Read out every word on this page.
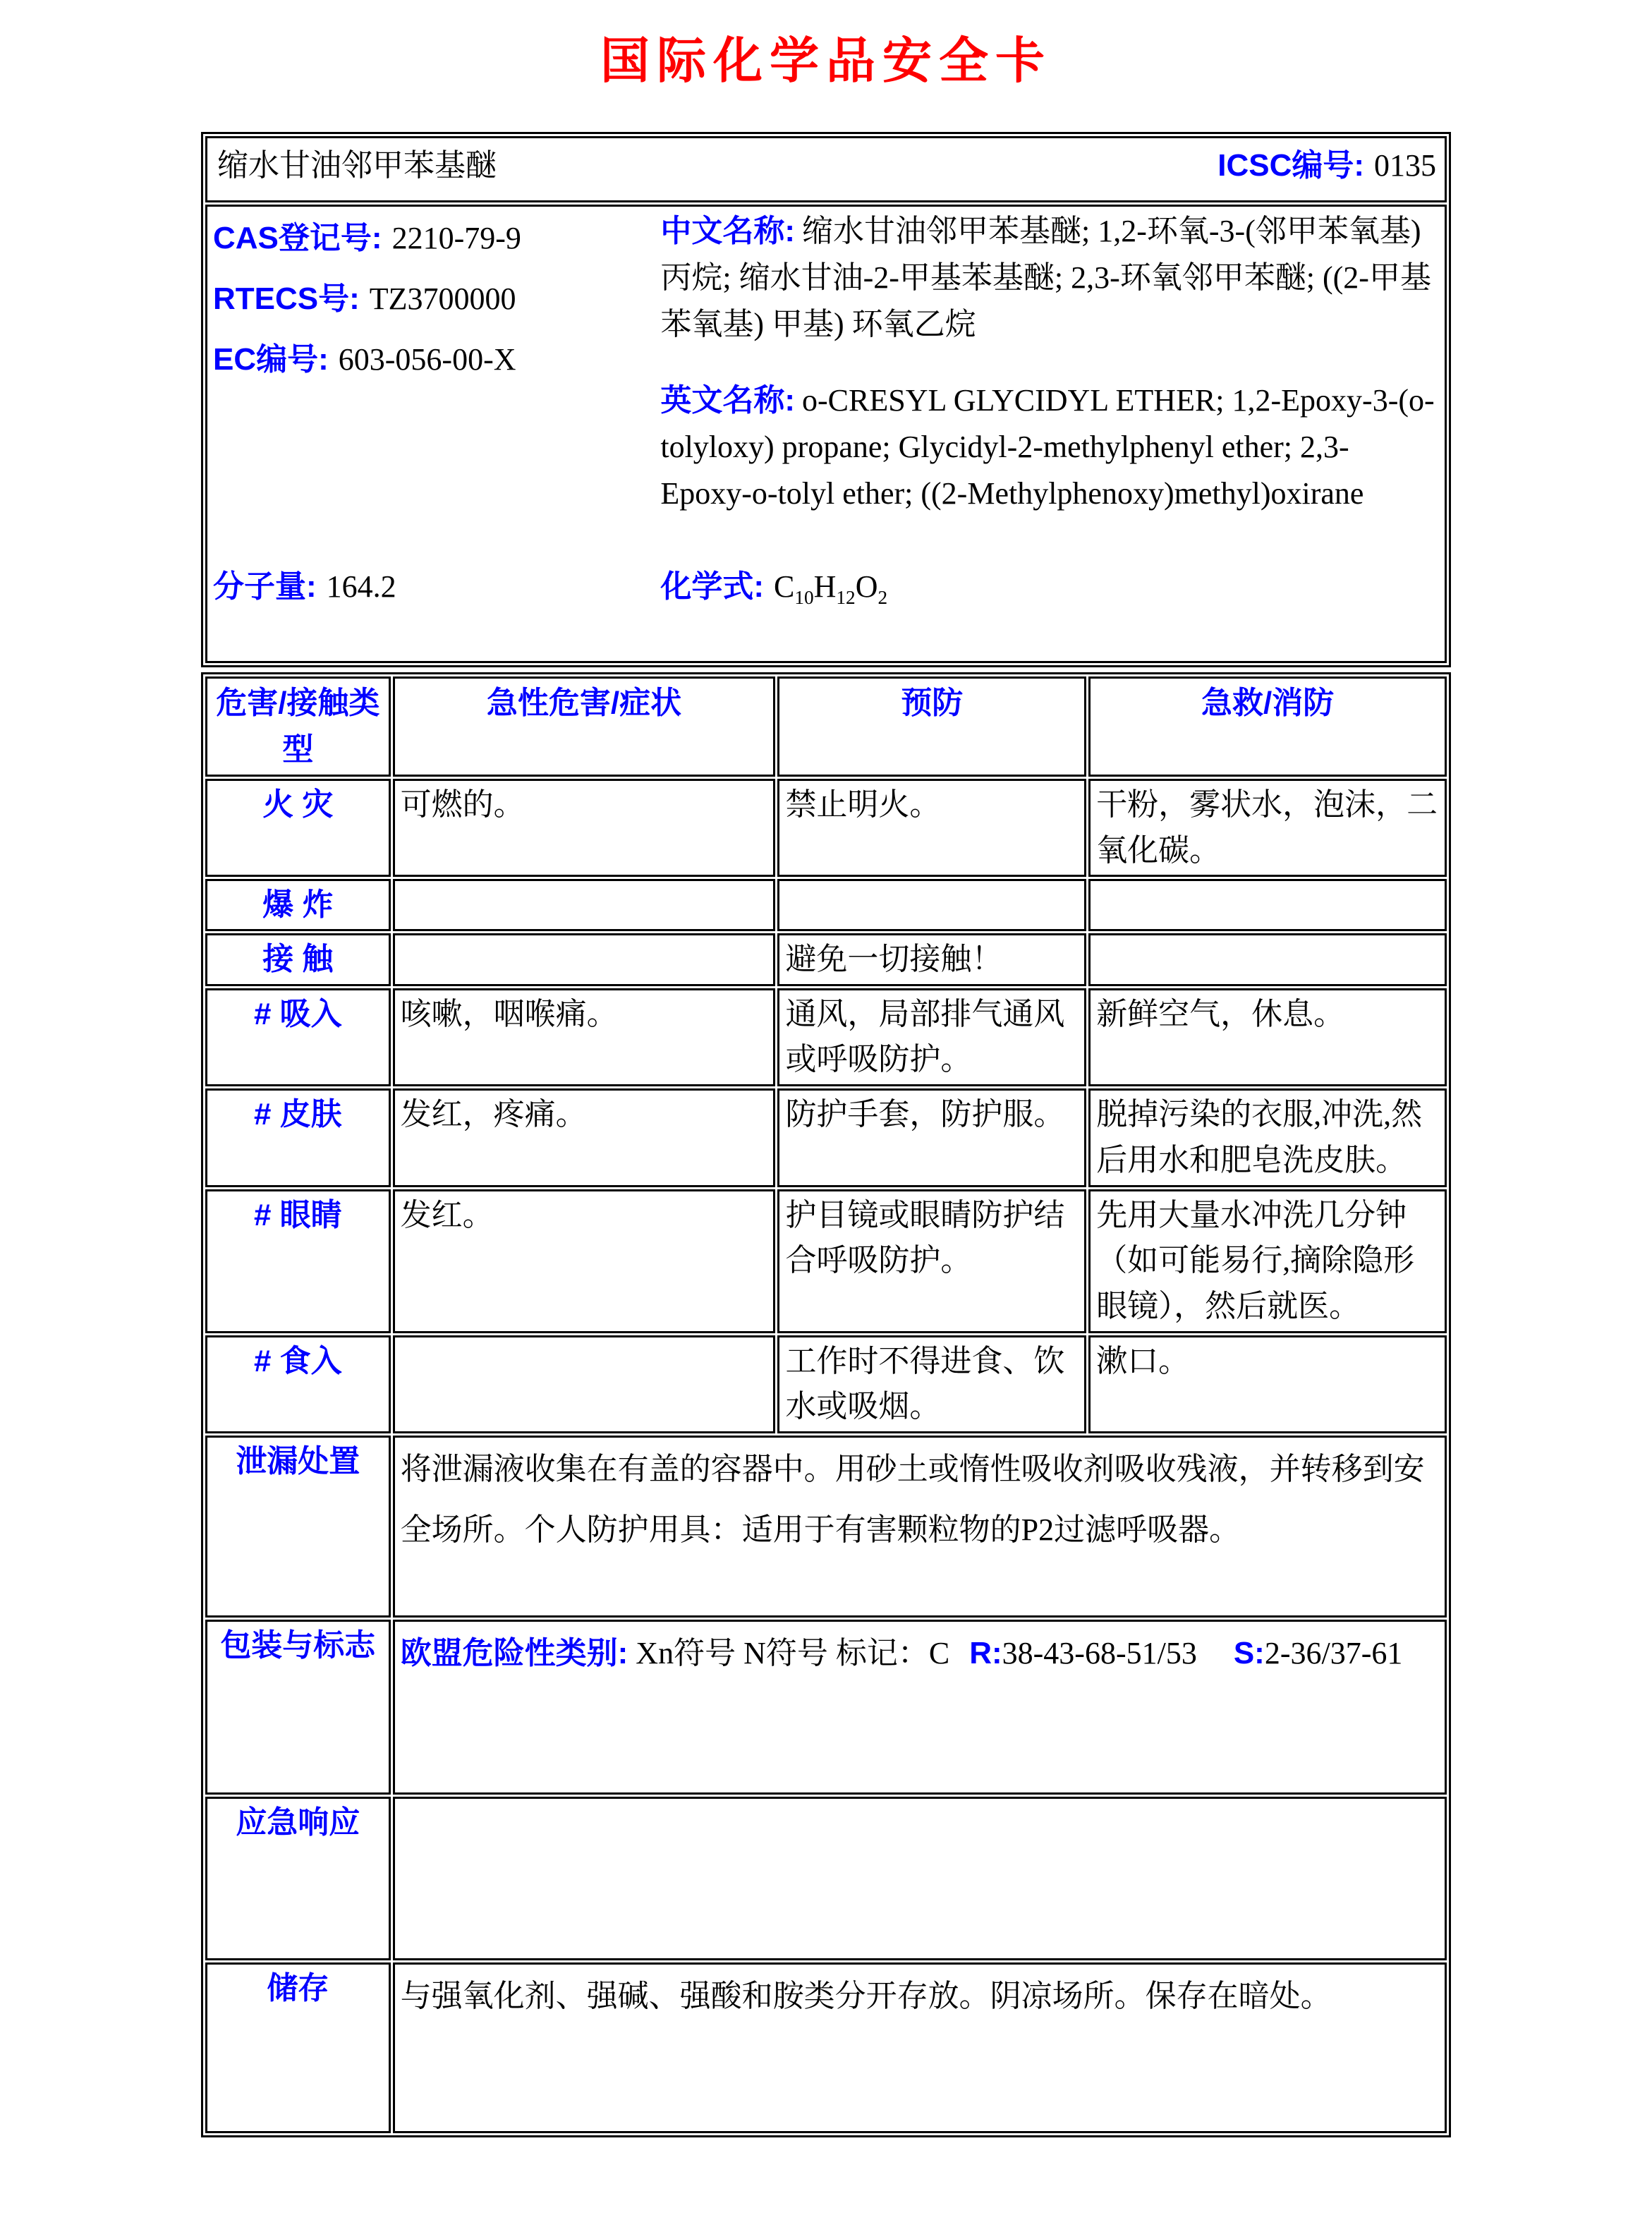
国际化学品安全卡
缩水甘油邻甲苯基醚	ICSC编号: 0135

CAS登记号: 2210-79-9
RTECS号: TZ3700000
EC编号: 603-056-00-X

中文名称: 缩水甘油邻甲苯基醚; 1,2-环氧-3-(邻甲苯氧基)丙烷; 缩水甘油-2-甲基苯基醚; 2,3-环氧邻甲苯醚; ((2-甲基苯氧基) 甲基) 环氧乙烷

英文名称: o-CRESYL GLYCIDYL ETHER; 1,2-Epoxy-3-(o-tolyloxy) propane; Glycidyl-2-methylphenyl ether; 2,3-Epoxy-o-tolyl ether; ((2-Methylphenoxy)methyl)oxirane

分子量: 164.2	化学式: $C_{10}H_{12}O_2$
危害/接触类型	急性危害/症状	预防	急救/消防
火 灾	可燃的。	禁止明火。	干粉，雾状水，泡沫，二氧化碳。
爆 炸			
接 触		避免一切接触！	
# 吸入	咳嗽，咽喉痛。	通风，局部排气通风或呼吸防护。	新鲜空气，休息。
# 皮肤	发红，疼痛。	防护手套，防护服。	脱掉污染的衣服,冲洗,然后用水和肥皂洗皮肤。
# 眼睛	发红。	护目镜或眼睛防护结合呼吸防护。	先用大量水冲洗几分钟（如可能易行,摘除隐形眼镜），然后就医。
# 食入		工作时不得进食、饮水或吸烟。	漱口。
泄漏处置	将泄漏液收集在有盖的容器中。用砂土或惰性吸收剂吸收残液，并转移到安全场所。个人防护用具：适用于有害颗粒物的P2过滤呼吸器。		
包装与标志	欧盟危险性类别: Xn符号 N符号 标记：C R:38-43-68-51/53 S:2-36/37-61		
应急响应			
储存	与强氧化剂、强碱、强酸和胺类分开存放。阴凉场所。保存在暗处。		
